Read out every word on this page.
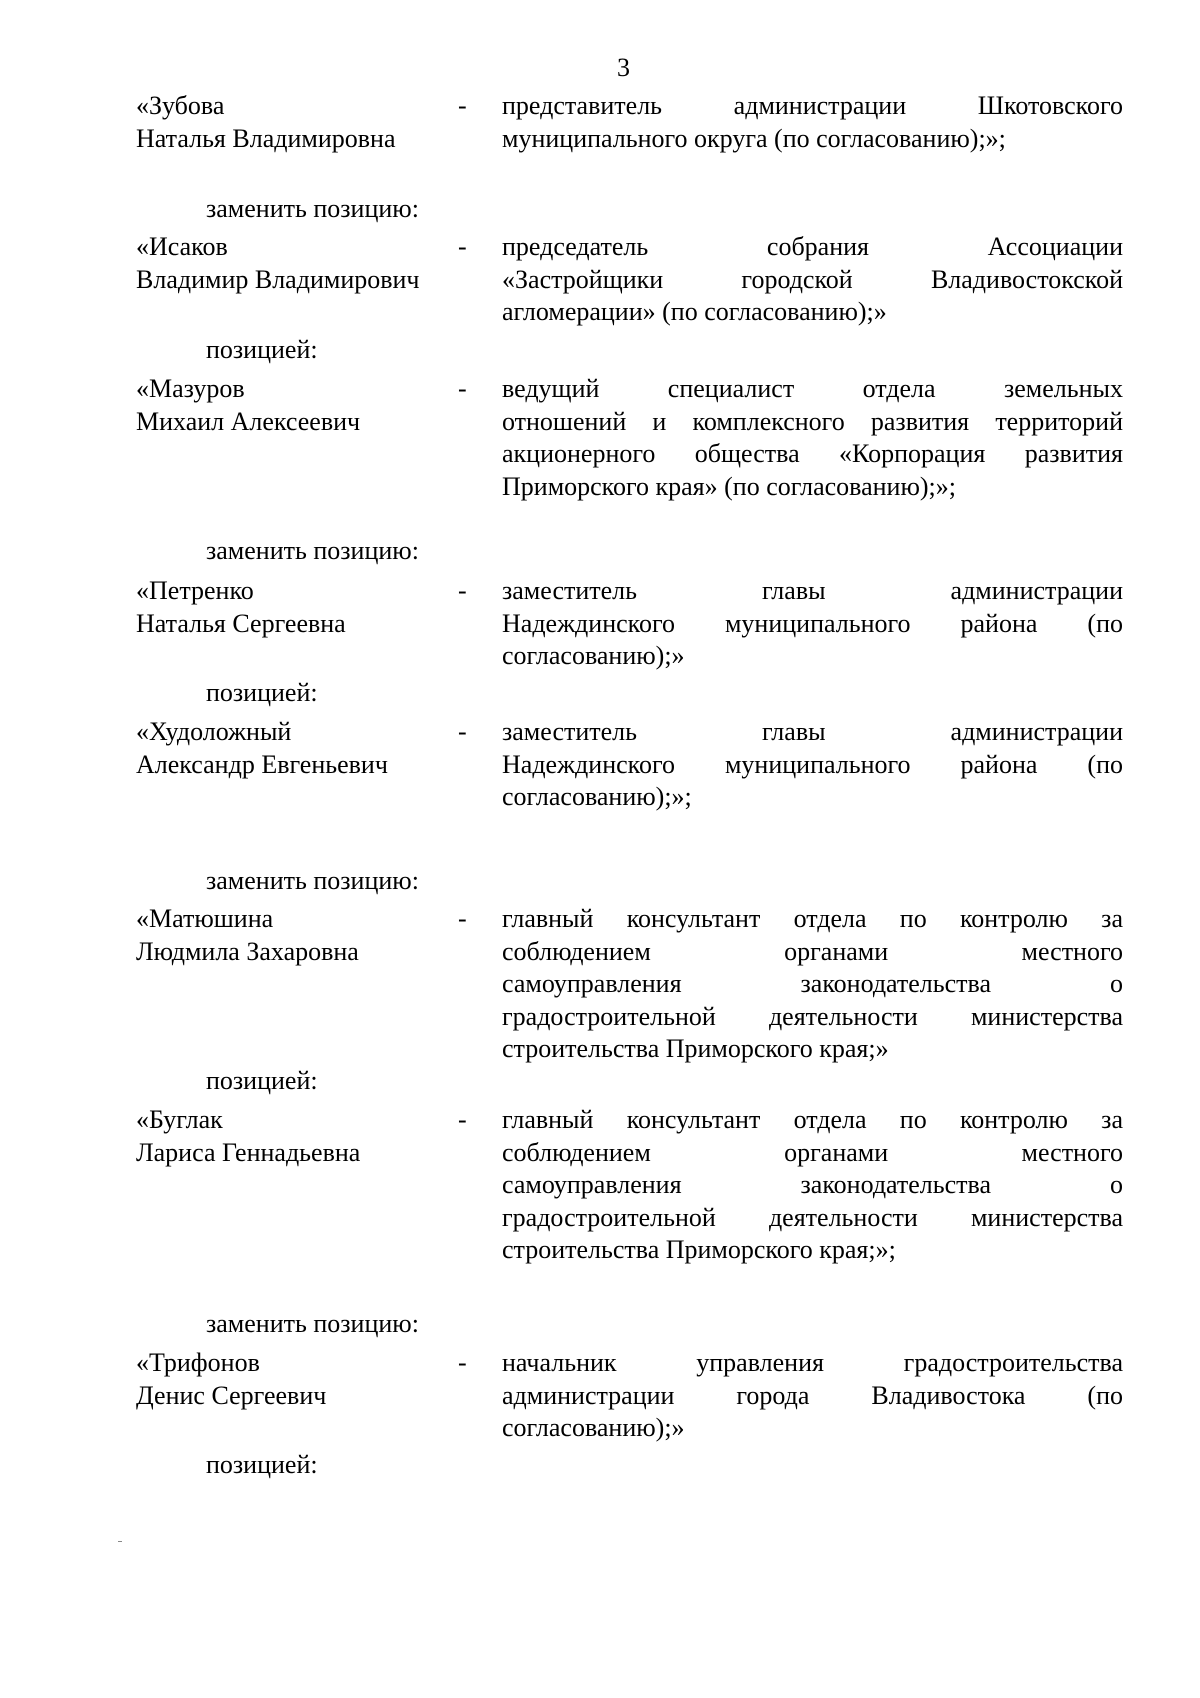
3
«Зубова
Наталья Владимировна
- представитель администрации Шкотовского
муниципального округа (по согласованию);»;
заменить позицию:
«Исаков
Владимир Владимирович
- председатель собрания Ассоциации
«Застройщики городской Владивостокской
агломерации» (по согласованию);»
позицией:
«Мазуров
Михаил Алексеевич
- ведущий специалист отдела земельных
отношений и комплексного развития территорий
акционерного общества «Корпорация развития
Приморского края» (по согласованию);»;
заменить позицию:
«Петренко
Наталья Сергеевна
- заместитель главы администрации
Надеждинского муниципального района (по
согласованию);»
позицией:
«Худоложный
Александр Евгеньевич
- заместитель главы администрации
Надеждинского муниципального района (по
согласованию);»;
заменить позицию:
«Матюшина
Людмила Захаровна
- главный консультант отдела по контролю за
соблюдением органами местного
самоуправления законодательства о
градостроительной деятельности министерства
строительства Приморского края;»
позицией:
«Буглак
Лариса Геннадьевна
- главный консультант отдела по контролю за
соблюдением органами местного
самоуправления законодательства о
градостроительной деятельности министерства
строительства Приморского края;»;
заменить позицию:
«Трифонов
Денис Сергеевич
- начальник управления градостроительства
администрации города Владивостока (по
согласованию);»
позицией:
